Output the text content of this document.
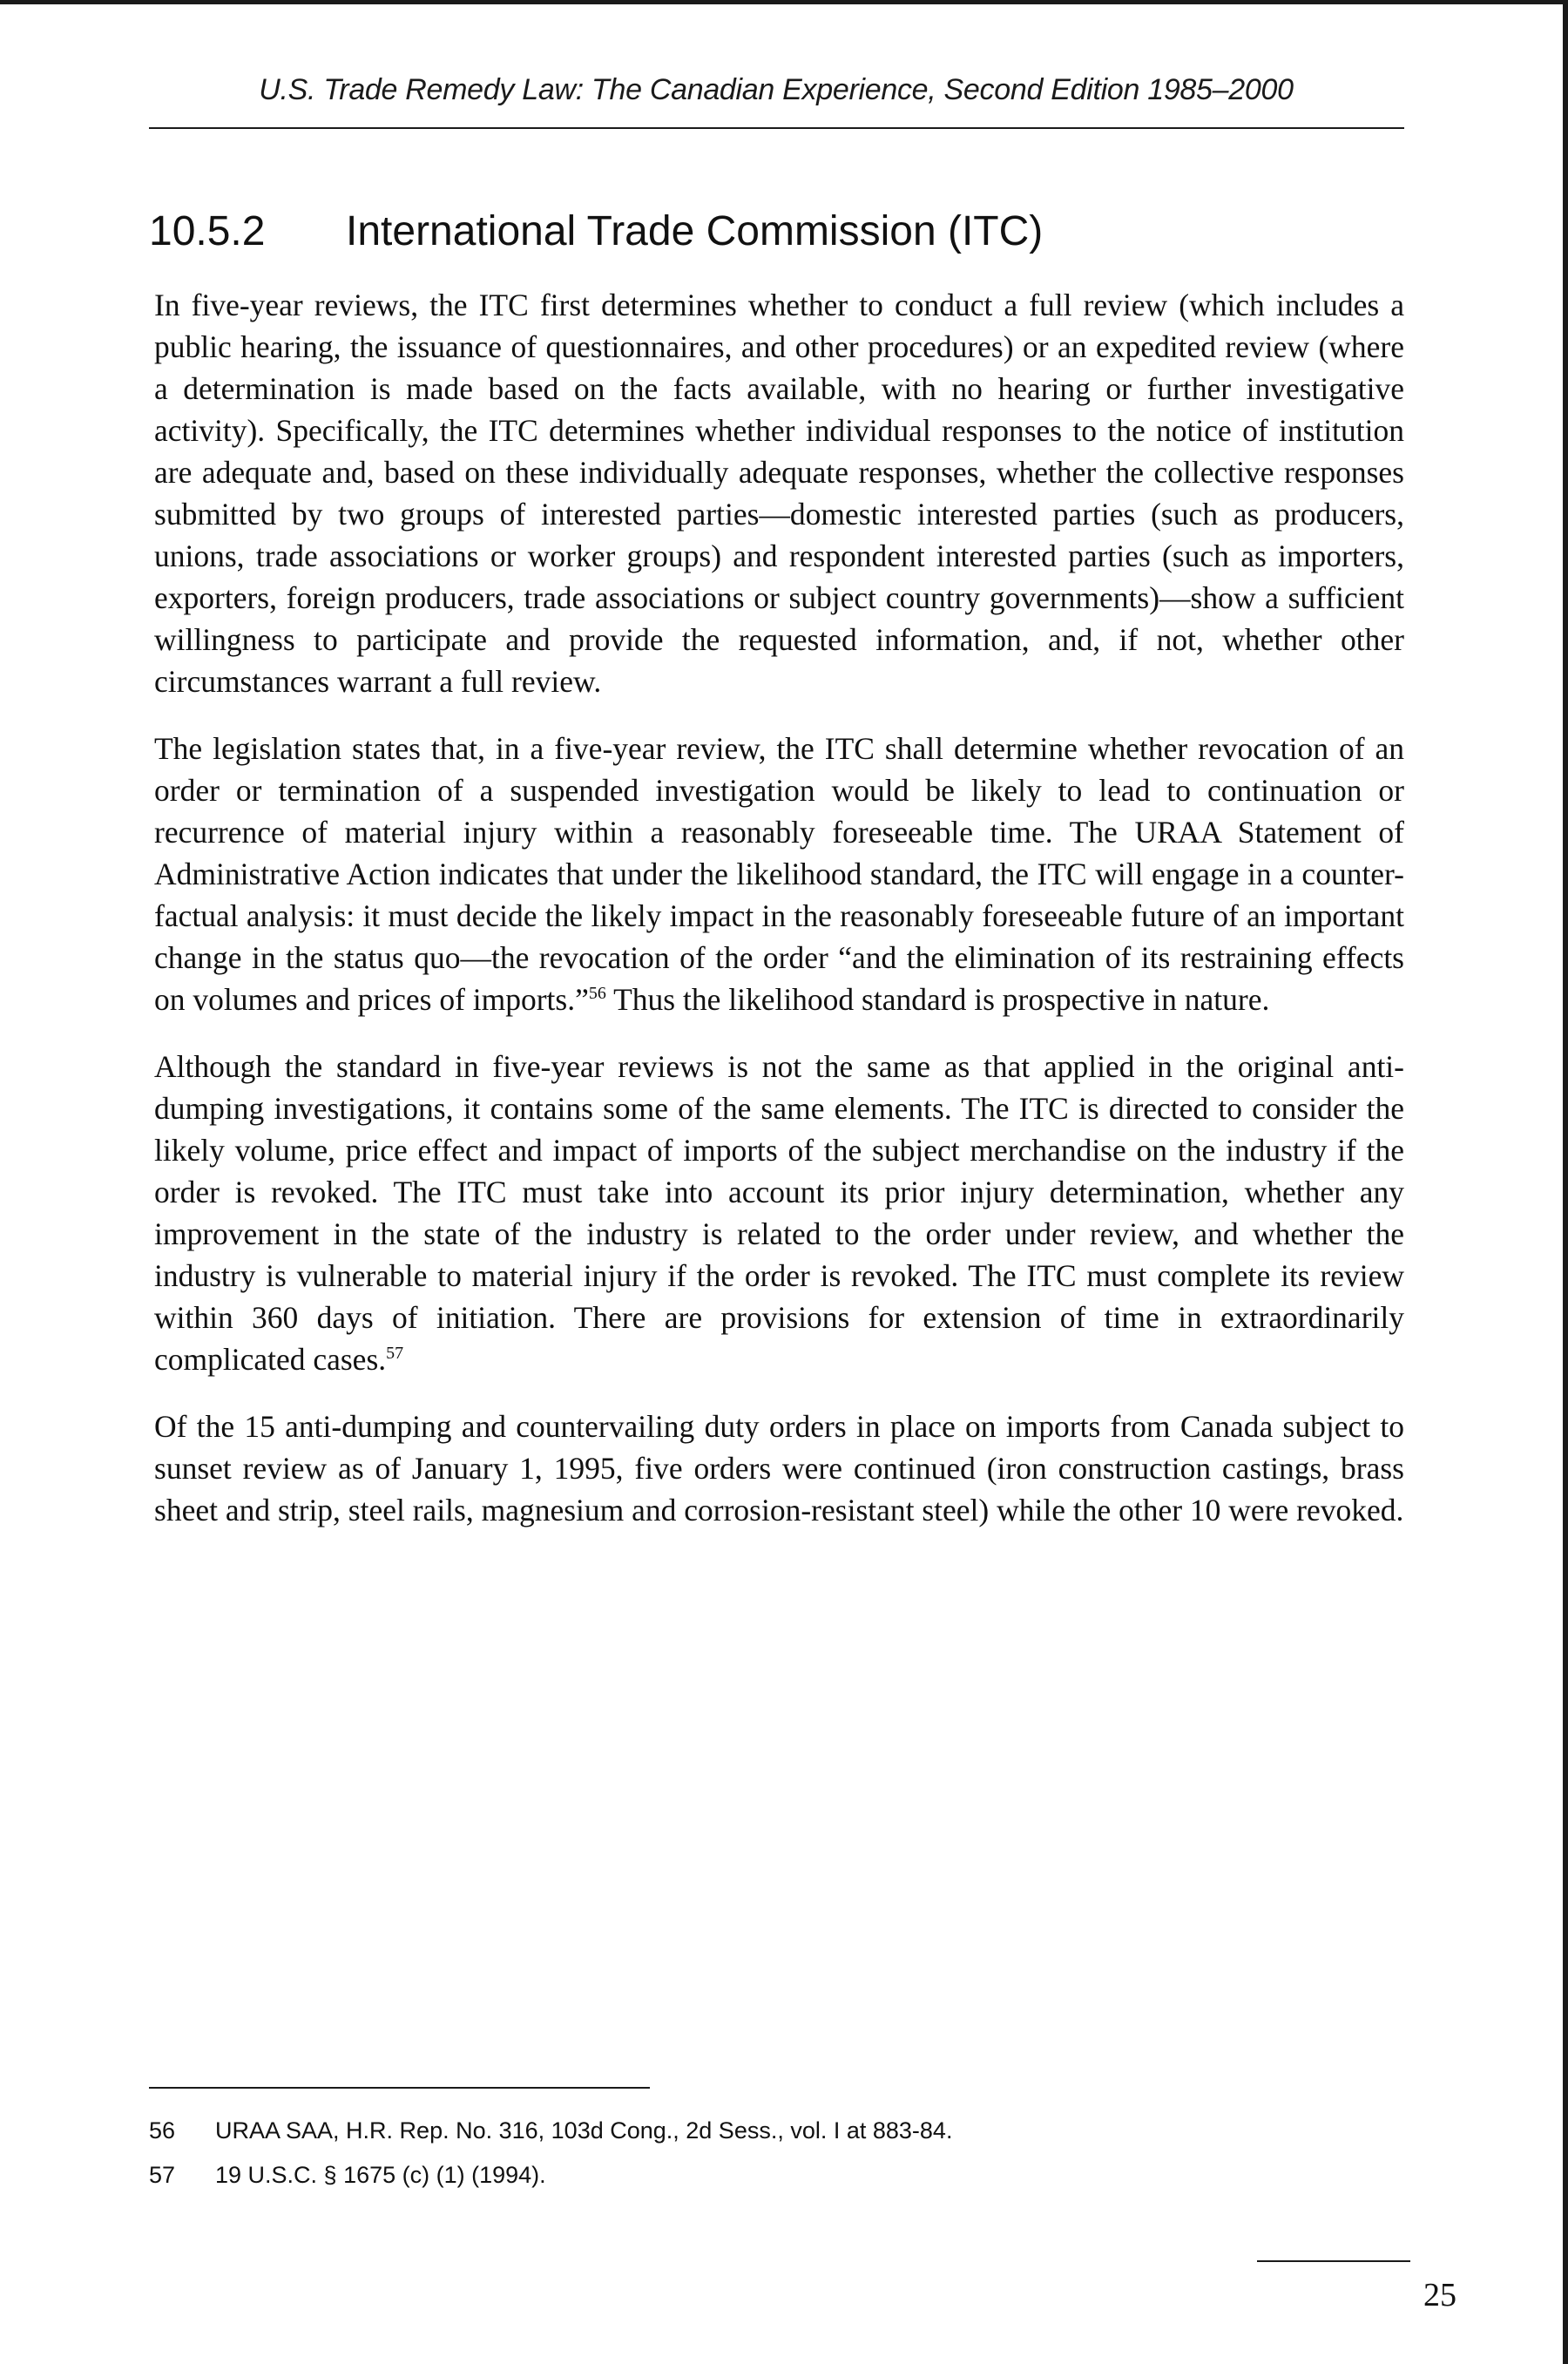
U.S. Trade Remedy Law: The Canadian Experience, Second Edition 1985–2000
10.5.2 International Trade Commission (ITC)

In five-year reviews, the ITC first determines whether to conduct a full review (which includes a public hearing, the issuance of questionnaires, and other procedures) or an expedited review (where a determination is made based on the facts available, with no hearing or further investigative activity). Specifically, the ITC determines whether individual responses to the notice of institution are adequate and, based on these individually adequate responses, whether the collective responses submitted by two groups of interested parties—domestic interested parties (such as producers, unions, trade associations or worker groups) and respondent interested parties (such as importers, exporters, foreign producers, trade associations or subject country governments)—show a sufficient willingness to participate and provide the requested information, and, if not, whether other circumstances warrant a full review.

The legislation states that, in a five-year review, the ITC shall determine whether revocation of an order or termination of a suspended investigation would be likely to lead to continuation or recurrence of material injury within a reasonably foreseeable time. The URAA Statement of Administrative Action indicates that under the likelihood standard, the ITC will engage in a counter-factual analysis: it must decide the likely impact in the reasonably foreseeable future of an important change in the status quo—the revocation of the order “and the elimination of its restraining effects on volumes and prices of imports.”$^{56}$ Thus the likelihood standard is prospective in nature.

Although the standard in five-year reviews is not the same as that applied in the original anti-dumping investigations, it contains some of the same elements. The ITC is directed to consider the likely volume, price effect and impact of imports of the subject merchandise on the industry if the order is revoked. The ITC must take into account its prior injury determination, whether any improvement in the state of the industry is related to the order under review, and whether the industry is vulnerable to material injury if the order is revoked. The ITC must complete its review within 360 days of initiation. There are provisions for extension of time in extraordinarily complicated cases.$^{57}$

Of the 15 anti-dumping and countervailing duty orders in place on imports from Canada subject to sunset review as of January 1, 1995, five orders were continued (iron construction castings, brass sheet and strip, steel rails, magnesium and corrosion-resistant steel) while the other 10 were revoked.

56	URAA SAA, H.R. Rep. No. 316, 103d Cong., 2d Sess., vol. I at 883-84.
57	19 U.S.C. § 1675 (c) (1) (1994).
25
